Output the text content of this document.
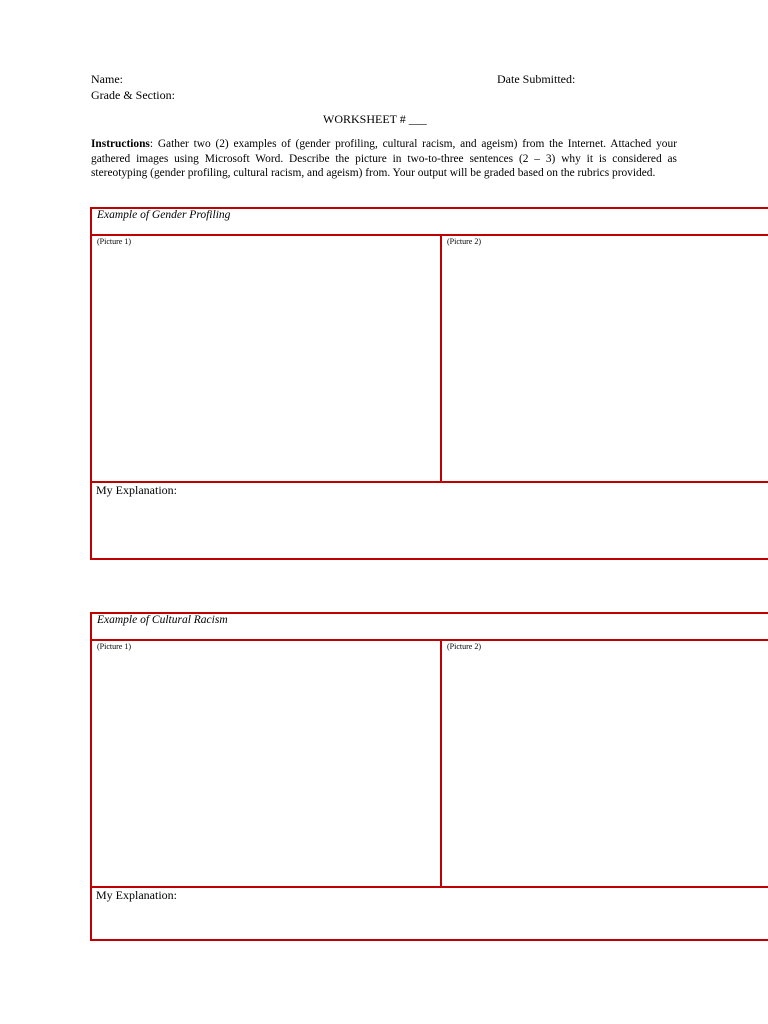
Name:	Date Submitted:
Grade & Section:
WORKSHEET # ___
Instructions: Gather two (2) examples of (gender profiling, cultural racism, and ageism) from the Internet. Attached your gathered images using Microsoft Word. Describe the picture in two-to-three sentences (2 – 3) why it is considered as stereotyping (gender profiling, cultural racism, and ageism) from. Your output will be graded based on the rubrics provided.
Example of Gender Profiling
(Picture 1)	(Picture 2)
My Explanation:
Example of Cultural Racism
(Picture 1)	(Picture 2)
My Explanation:
